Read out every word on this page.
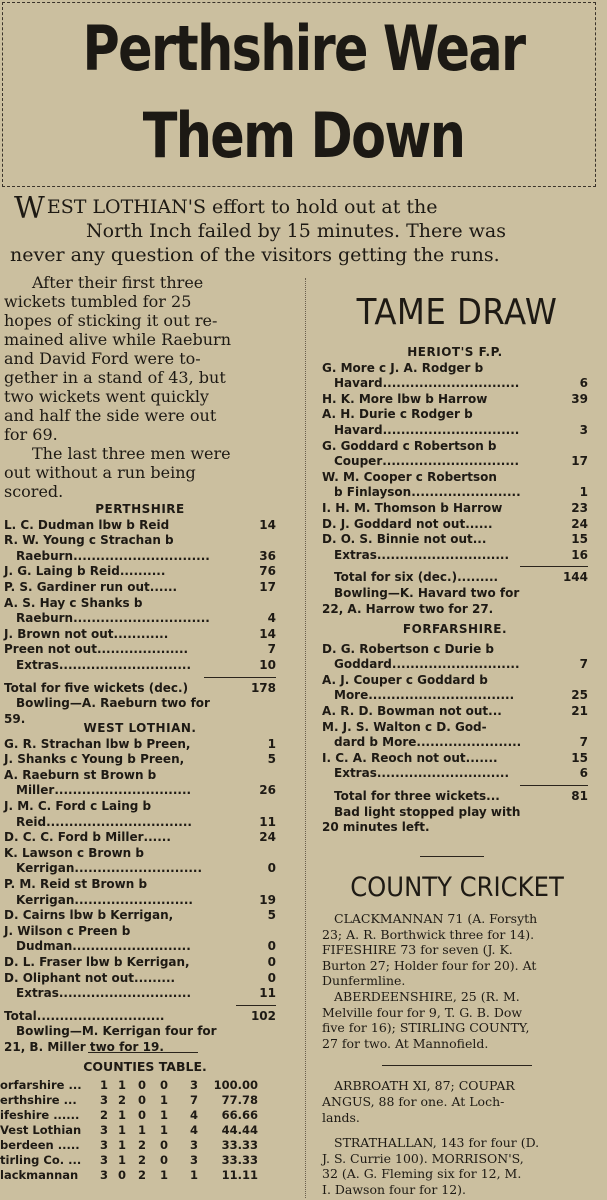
Perthshire Wear
Them Down
WEST LOTHIAN'S effort to hold out at the
North Inch failed by 15 minutes. There was
never any question of the visitors getting the runs.
After their first three
wickets tumbled for 25
hopes of sticking it out re-
mained alive while Raeburn
and David Ford were to-
gether in a stand of 43, but
two wickets went quickly
and half the side were out
for 69.
The last three men were
out without a run being
scored.
PERTHSHIRE
L. C. Dudman lbw b Reid	14
R. W. Young c Strachan b
Raeburn ..............................	36
J. G. Laing b Reid ..........	76
P. S. Gardiner run out ......	17
A. S. Hay c Shanks b
Raeburn ..............................	4
J. Brown not out ............	14
Preen not out ....................	7
Extras .............................	10
Total for five wickets (dec.)	178
Bowling—A. Raeburn two for
59.
WEST LOTHIAN.
G. R. Strachan lbw b Preen,	1
J. Shanks c Young b Preen,	5
A. Raeburn st Brown b
Miller ..............................	26
J. M. C. Ford c Laing b
Reid ................................	11
D. C. C. Ford b Miller ......	24
K. Lawson c Brown b
Kerrigan ............................	0
P. M. Reid st Brown b
Kerrigan ..........................	19
D. Cairns lbw b Kerrigan,	5
J. Wilson c Preen b
Dudman ..........................	0
D. L. Fraser lbw b Kerrigan,	0
D. Oliphant not out .........	0
Extras .............................	11
Total ............................	102
Bowling—M. Kerrigan four for
21, B. Miller two for 19.
COUNTIES TABLE.
orfarshire ...	1 1	0	0	3	100.00
erthshire ...	3 2	0	1	7	77.78
ifeshire ......	2 1	0	1	4	66.66
Vest Lothian	3 1	1	1	4	44.44
berdeen .....	3 1	2	0	3	33.33
tirling Co. ...	3 1	2	0	3	33.33
lackmannan	3 0	2	1	1	11.11
TAME DRAW
HERIOT'S F.P.
G. More c J. A. Rodger b
Havard ..............................	6
H. K. More lbw b Harrow	39
A. H. Durie c Rodger b
Havard ..............................	3
G. Goddard c Robertson b
Couper ..............................	17
W. M. Cooper c Robertson
b Finlayson ........................	1
I. H. M. Thomson b Harrow	23
D. J. Goddard not out ......	24
D. O. S. Binnie not out ...	15
Extras .............................	16
Total for six (dec.) .........	144
Bowling—K. Havard two for
22, A. Harrow two for 27.
FORFARSHIRE.
D. G. Robertson c Durie b
Goddard ............................	7
A. J. Couper c Goddard b
More ................................	25
A. R. D. Bowman not out ...	21
M. J. S. Walton c D. God-
dard b More .......................	7
I. C. A. Reoch not out .......	15
Extras .............................	6
Total for three wickets ...	81
Bad light stopped play with
20 minutes left.
COUNTY CRICKET
CLACKMANNAN 71 (A. Forsyth
23; A. R. Borthwick three for 14).
FIFESHIRE 73 for seven (J. K.
Burton 27; Holder four for 20). At
Dunfermline.
ABERDEENSHIRE, 25 (R. M.
Melville four for 9, T. G. B. Dow
five for 16); STIRLING COUNTY,
27 for two. At Mannofield.
ARBROATH XI, 87; COUPAR
ANGUS, 88 for one. At Loch-
lands.
STRATHALLAN, 143 for four (D.
J. S. Currie 100). MORRISON'S,
32 (A. G. Fleming six for 12, M.
I. Dawson four for 12).
